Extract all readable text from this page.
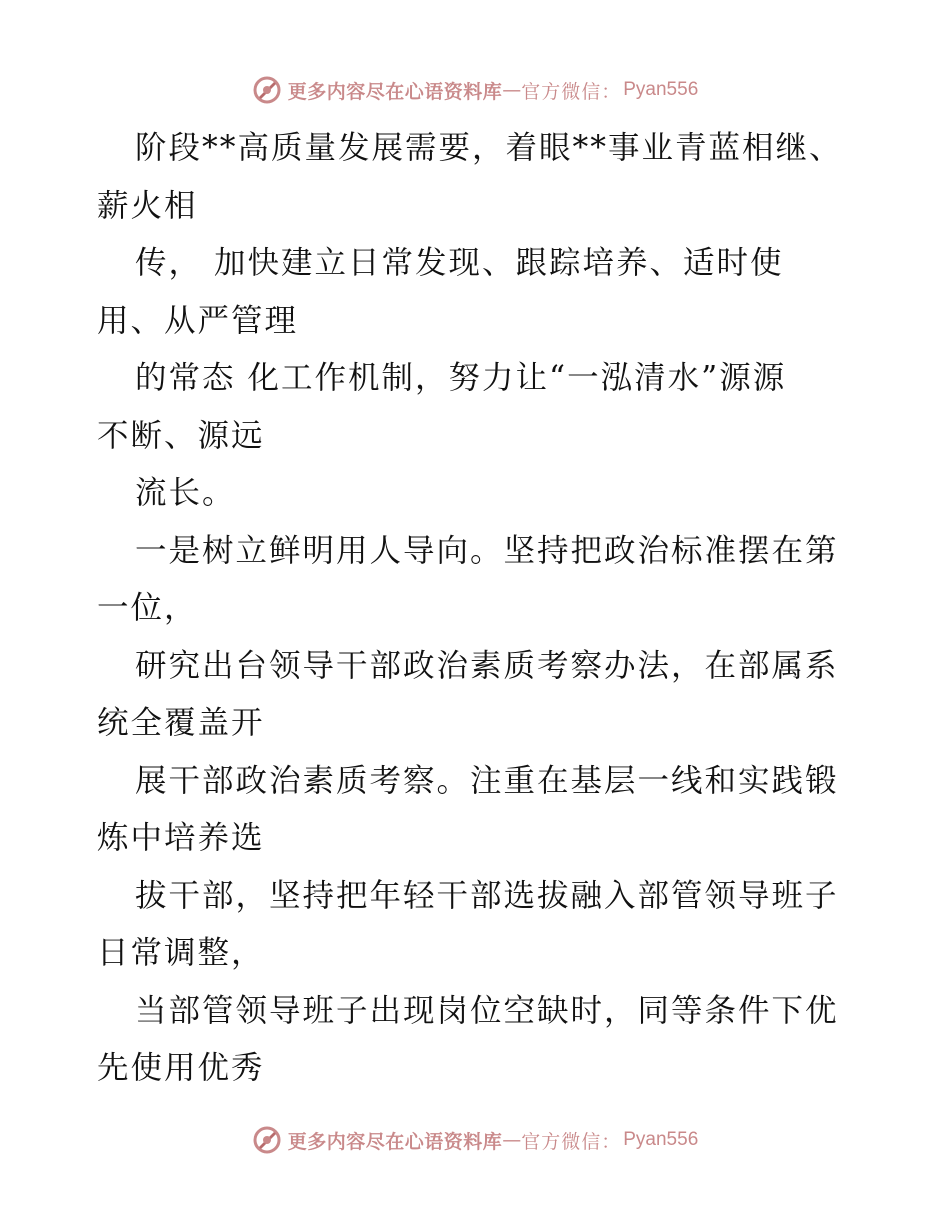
更多内容尽在心语资料库 — 官方微信： Pyan556
阶段**高质量发展需要，着眼**事业青蓝相继、
薪火相
传， 加快建立日常发现、跟踪培养、适时使
用、从严管理
的常态 化工作机制，努力让“一泓清水”源源
不断、源远
流长。
一是树立鲜明用人导向。坚持把政治标准摆在第
一位，
研究出台领导干部政治素质考察办法，在部属系
统全覆盖开
展干部政治素质考察。注重在基层一线和实践锻
炼中培养选
拔干部，坚持把年轻干部选拔融入部管领导班子
日常调整，
当部管领导班子出现岗位空缺时，同等条件下优
先使用优秀
更多内容尽在心语资料库 — 官方微信： Pyan556
